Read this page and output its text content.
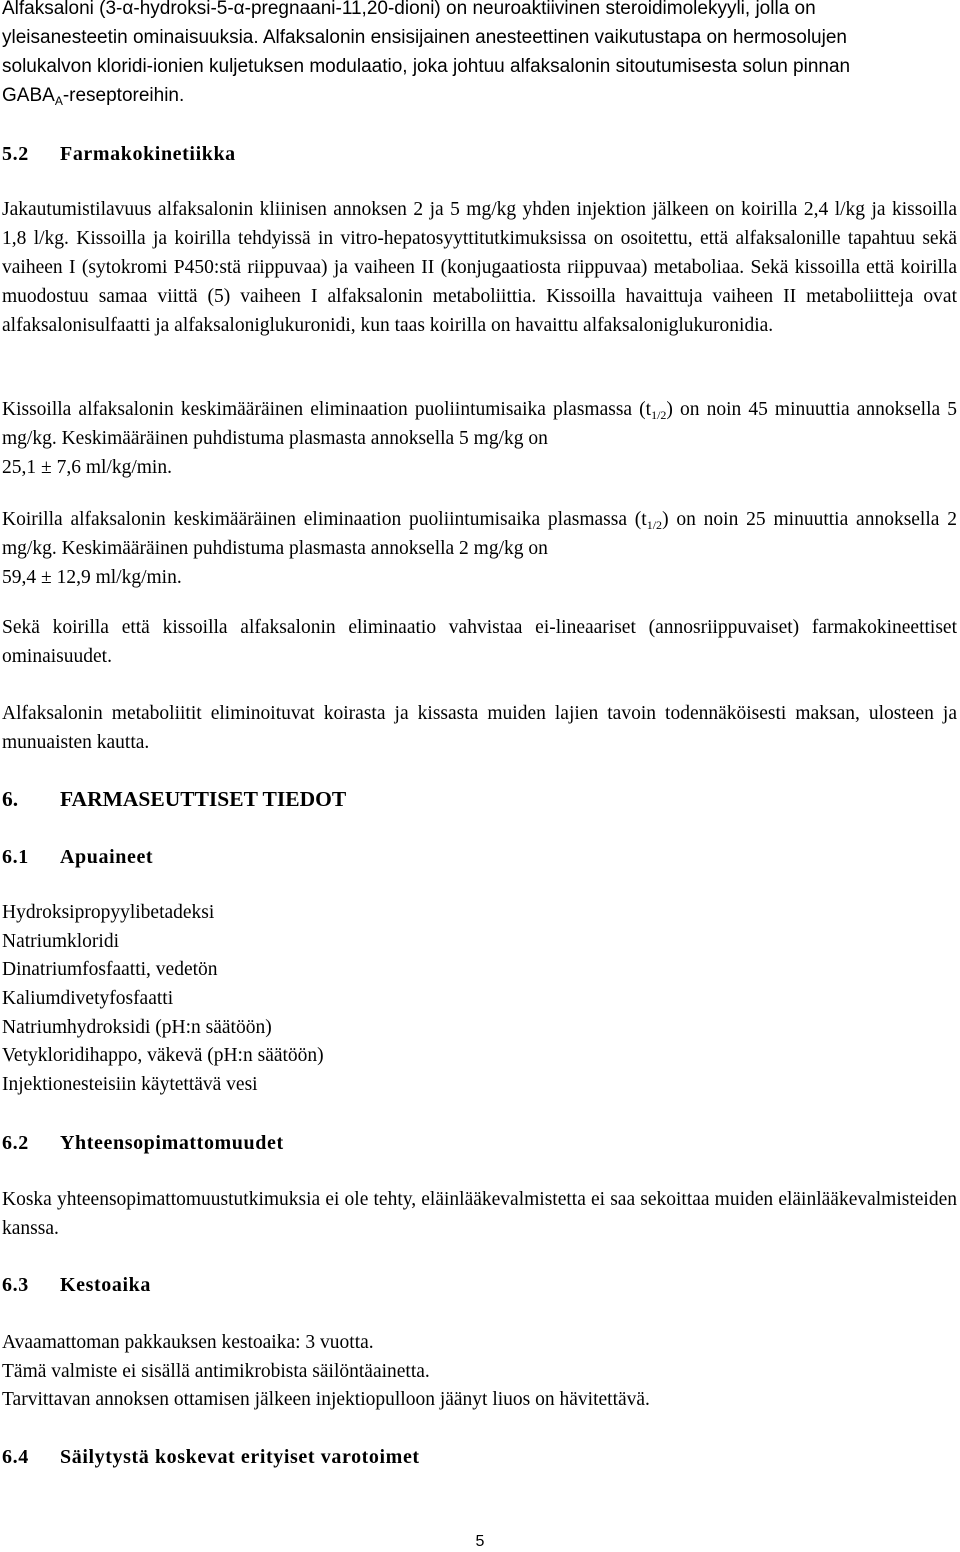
Alfaksaloni (3-α-hydroksi-5-α-pregnaani-11,20-dioni) on neuroaktiivinen steroidimolekyyli, jolla on
yleisanesteetin ominaisuuksia. Alfaksalonin ensisijainen anesteettinen vaikutustapa on hermosolujen
solukalvon kloridi-ionien kuljetuksen modulaatio, joka johtuu alfaksalonin sitoutumisesta solun pinnan
$GABA_A$-reseptoreihin.
5.2 Farmakokinetiikka

Jakautumistilavuus alfaksalonin kliinisen annoksen 2 ja 5 mg/kg yhden injektion jälkeen on koirilla 2,4 l/kg ja kissoilla 1,8 l/kg. Kissoilla ja koirilla tehdyissä in vitro-hepatosyyttitutkimuksissa on osoitettu, että alfaksalonille tapahtuu sekä vaiheen I (sytokromi P450:stä riippuvaa) ja vaiheen II (konjugaatiosta riippuvaa) metaboliaa. Sekä kissoilla että koirilla muodostuu samaa viittä (5) vaiheen I alfaksalonin metaboliittia. Kissoilla havaittuja vaiheen II metaboliitteja ovat alfaksalonisulfaatti ja alfaksaloniglukuronidi, kun taas koirilla on havaittu alfaksaloniglukuronidia.

Kissoilla alfaksalonin keskimääräinen eliminaation puoliintumisaika plasmassa $(t_{1/2})$ on noin 45 minuuttia annoksella 5 mg/kg. Keskimääräinen puhdistuma plasmasta annoksella 5 mg/kg on
25,1 ± 7,6 ml/kg/min.

Koirilla alfaksalonin keskimääräinen eliminaation puoliintumisaika plasmassa $(t_{1/2})$ on noin 25 minuuttia annoksella 2 mg/kg. Keskimääräinen puhdistuma plasmasta annoksella 2 mg/kg on
59,4 ± 12,9 ml/kg/min.

Sekä koirilla että kissoilla alfaksalonin eliminaatio vahvistaa ei-lineaariset (annosriippuvaiset) farmakokineettiset ominaisuudet.

Alfaksalonin metaboliitit eliminoituvat koirasta ja kissasta muiden lajien tavoin todennäköisesti maksan, ulosteen ja munuaisten kautta.

6. FARMASEUTTISET TIEDOT
6.1 Apuaineet
Hydroksipropyylibetadeksi
Natriumkloridi
Dinatriumfosfaatti, vedetön
Kaliumdivetyfosfaatti
Natriumhydroksidi (pH:n säätöön)
Vetykloridihappo, väkevä (pH:n säätöön)
Injektionesteisiin käytettävä vesi
6.2 Yhteensopimattomuudet

Koska yhteensopimattomuustutkimuksia ei ole tehty, eläinlääkevalmistetta ei saa sekoittaa muiden eläinlääkevalmisteiden kanssa.

6.3 Kestoaika
Avaamattoman pakkauksen kestoaika: 3 vuotta.
Tämä valmiste ei sisällä antimikrobista säilöntäainetta.
Tarvittavan annoksen ottamisen jälkeen injektiopulloon jäänyt liuos on hävitettävä.
6.4 Säilytystä koskevat erityiset varotoimet
5
